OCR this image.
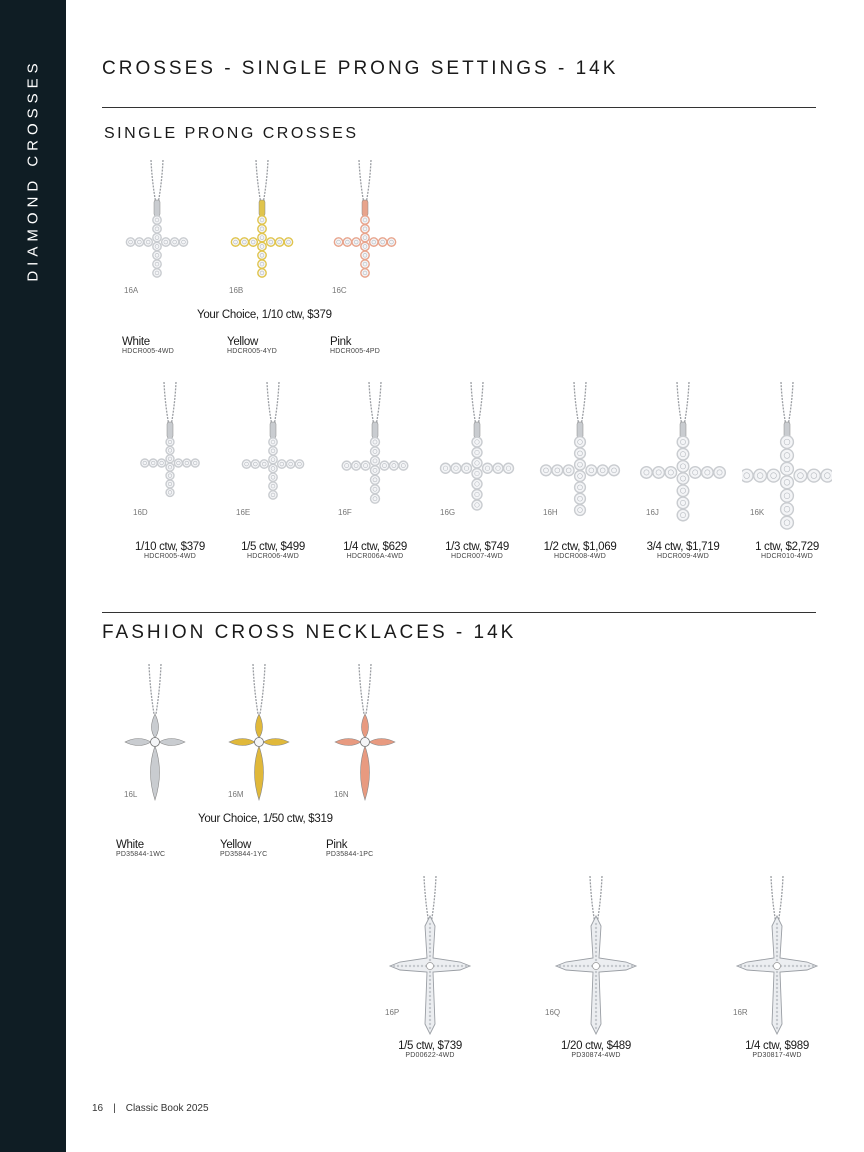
DIAMOND CROSSES	CROSSES - SINGLE PRONG SETTINGS - 14K
SINGLE PRONG CROSSES
16A
White
HDCR005-4WD
16B
Yellow
HDCR005-4YD
16C
Pink
HDCR005-4PD
Your Choice, 1/10 ctw, $379
16D
1/10 ctw, $379
HDCR005-4WD
16E
1/5 ctw, $499
HDCR006-4WD
16F
1/4 ctw, $629
HDCR006A-4WD
16G
1/3 ctw, $749
HDCR007-4WD
16H
1/2 ctw, $1,069
HDCR008-4WD
16J
3/4 ctw, $1,719
HDCR009-4WD
16K
1 ctw, $2,729
HDCR010-4WD
FASHION CROSS NECKLACES - 14K
16L
White
PD35844-1WC
16M
Yellow
PD35844-1YC
16N
Pink
PD35844-1PC
Your Choice, 1/50 ctw, $319
16P
1/5 ctw, $739
PD00622-4WD
16Q
1/20 ctw, $489
PD30874-4WD
16R
1/4 ctw, $989
PD30817-4WD
16 | Classic Book 2025
